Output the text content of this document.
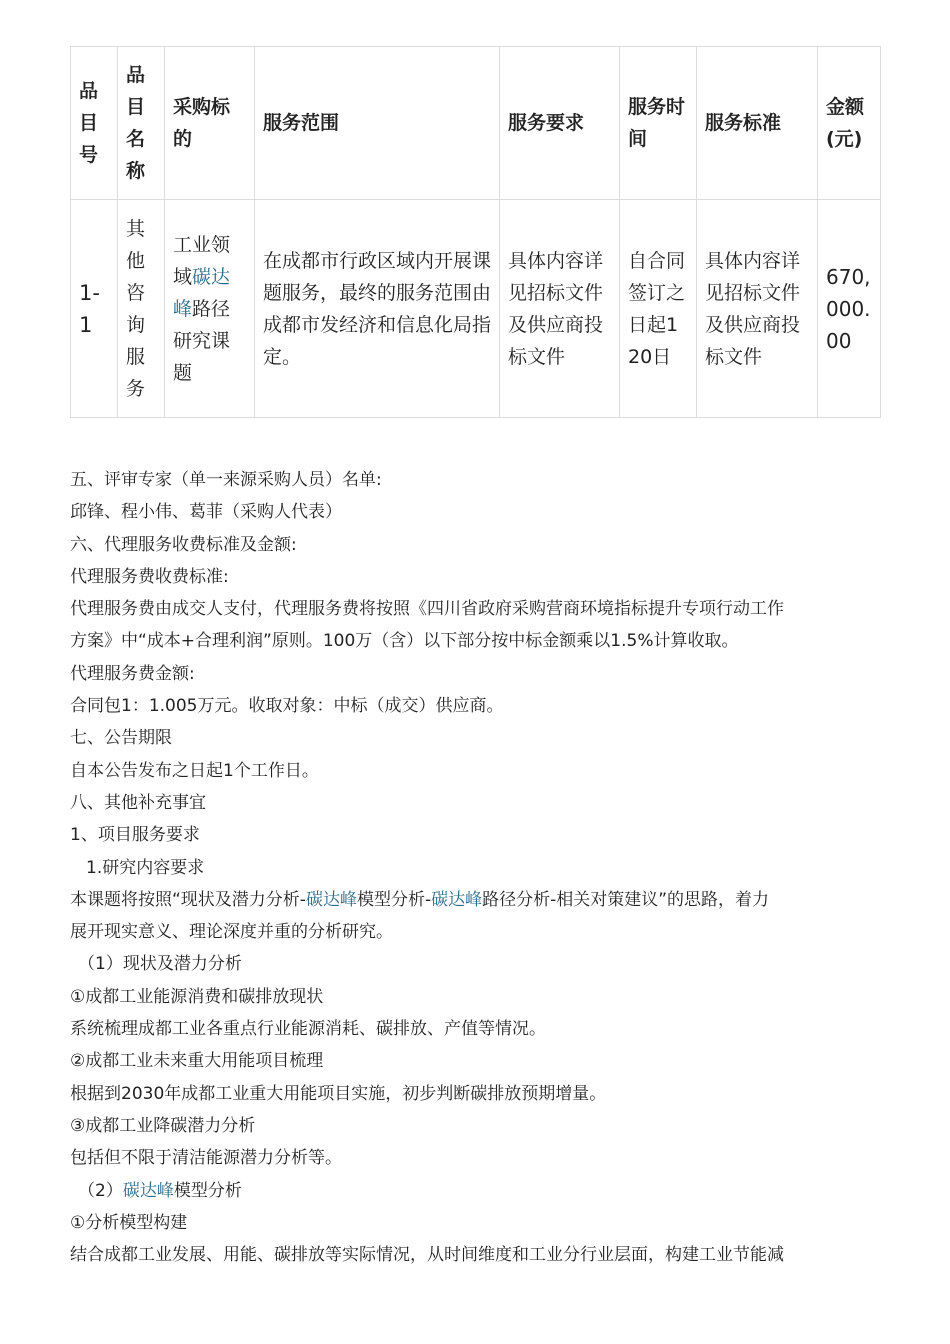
品目号	品目名称	采购标的	服务范围	服务要求	服务时间	服务标准	金额(元)
1-1	其他咨询服务	工业领域碳达峰路径研究课题	在成都市行政区域内开展课题服务，最终的服务范围由成都市发经济和信息化局指定。	具体内容详见招标文件及供应商投标文件	自合同签订之日起120日	具体内容详见招标文件及供应商投标文件	670,000.00

五、评审专家（单一来源采购人员）名单:

邱锋、程小伟、葛菲（采购人代表）

六、代理服务收费标准及金额:

代理服务费收费标准:

代理服务费由成交人支付，代理服务费将按照《四川省政府采购营商环境指标提升专项行动工作

方案》中“成本+合理利润”原则。100万（含）以下部分按中标金额乘以1.5%计算收取。

代理服务费金额:

合同包1：1.005万元。收取对象：中标（成交）供应商。

七、公告期限

自本公告发布之日起1个工作日。

八、其他补充事宜

1、项目服务要求

1.研究内容要求

本课题将按照“现状及潜力分析-碳达峰模型分析-碳达峰路径分析-相关对策建议”的思路，着力

展开现实意义、理论深度并重的分析研究。

（1）现状及潜力分析

①成都工业能源消费和碳排放现状

系统梳理成都工业各重点行业能源消耗、碳排放、产值等情况。

②成都工业未来重大用能项目梳理

根据到2030年成都工业重大用能项目实施，初步判断碳排放预期增量。

③成都工业降碳潜力分析

包括但不限于清洁能源潜力分析等。

（2）碳达峰模型分析

①分析模型构建

结合成都工业发展、用能、碳排放等实际情况，从时间维度和工业分行业层面，构建工业节能减
